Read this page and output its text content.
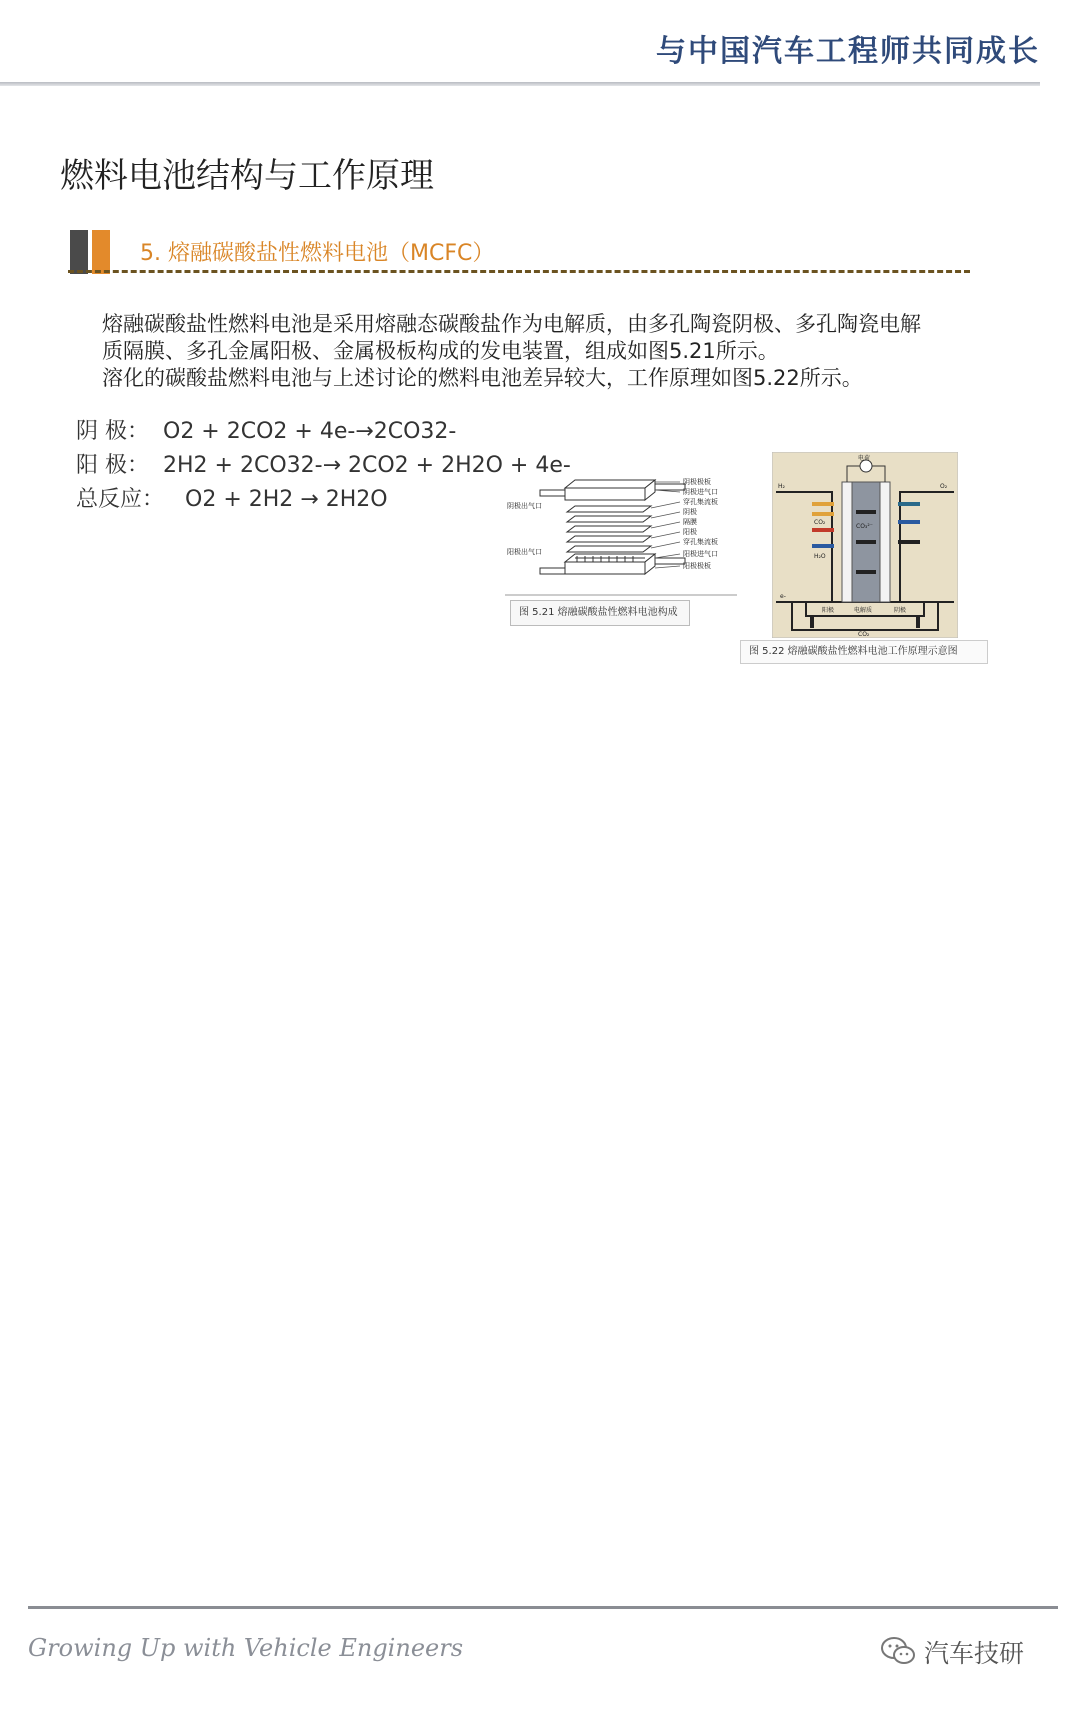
与中国汽车工程师共同成长
燃料电池结构与工作原理
5. 熔融碳酸盐性燃料电池（MCFC）
熔融碳酸盐性燃料电池是采用熔融态碳酸盐作为电解质，由多孔陶瓷阴极、多孔陶瓷电解
质隔膜、多孔金属阳极、金属极板构成的发电装置，组成如图5.21所示。
溶化的碳酸盐燃料电池与上述讨论的燃料电池差异较大，工作原理如图5.22所示。
阴 极： O2 + 2CO2 + 4e-→2CO32-
阳 极： 2H2 + 2CO32-→ 2CO2 + 2H2O + 4e-
总反应： O2 + 2H2 → 2H2O	阴极出气口
阳极出气口
阴极极板
阴极进气口
穿孔集流板
阴极
隔膜
阳极
穿孔集流板
阳极进气口
阳极极板
图 5.21 熔融碳酸盐性燃料电池构成
电荷
H₂	O₂
CO₂
H₂O
CO₃²⁻
e-
阳极	电解质	阴极
CO₂
图 5.22 熔融碳酸盐性燃料电池工作原理示意图
Growing Up with Vehicle Engineers	汽车技研
